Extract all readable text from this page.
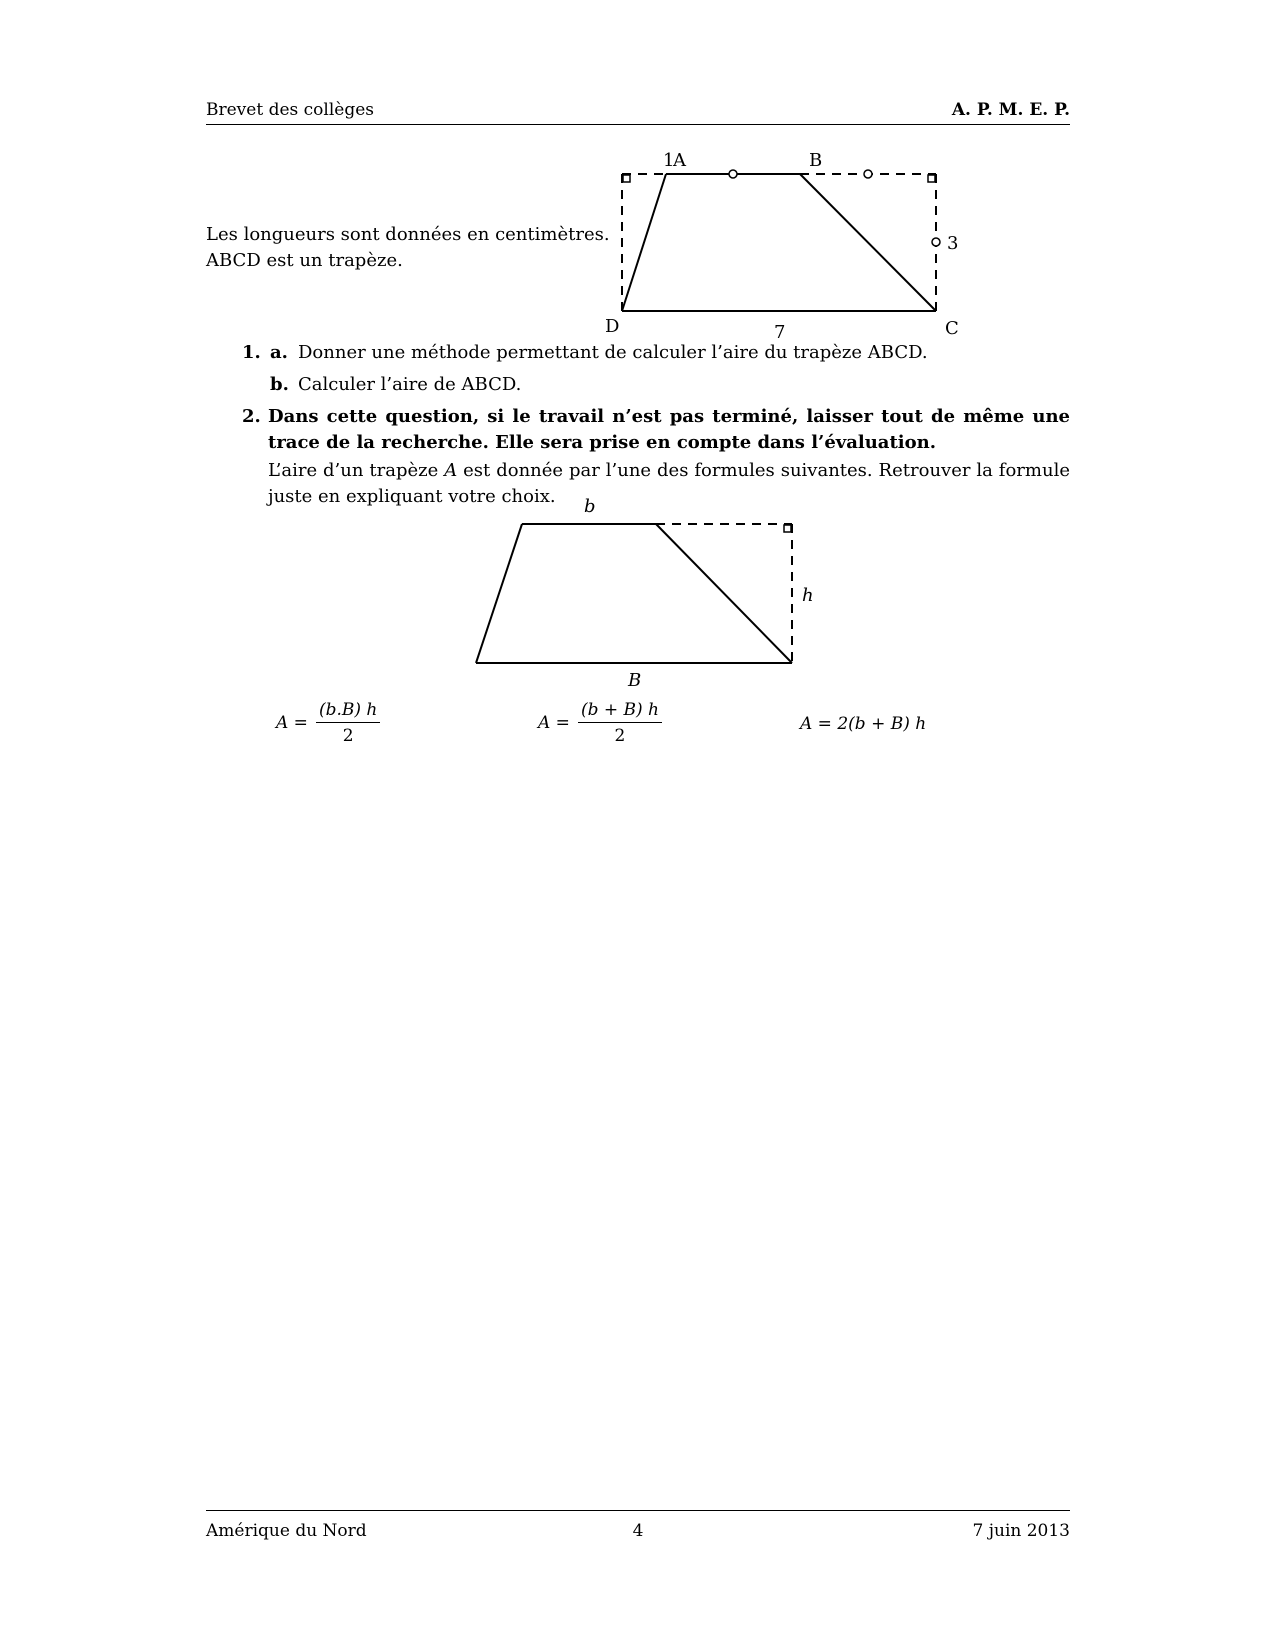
Brevet des collèges	A. P. M. E. P.
Les longueurs sont données en centimètres.
ABCD est un trapèze.
1
A	B
3
D	7	C
1. a. Donner une méthode permettant de calculer l’aire du trapèze ABCD.
b. Calculer l’aire de ABCD.
2. Dans cette question, si le travail n’est pas terminé, laisser tout de même une trace de la recherche. Elle sera prise en compte dans l’évaluation.
L’aire d’un trapèze A est donnée par l’une des formules suivantes. Retrouver la formule juste en expliquant votre choix.	b
h
B
$A = \frac{(b.B) h}{2}$	$A = \frac{(b + B) h}{2}$	A = 2(b + B) h
Amérique du Nord	4	7 juin 2013
